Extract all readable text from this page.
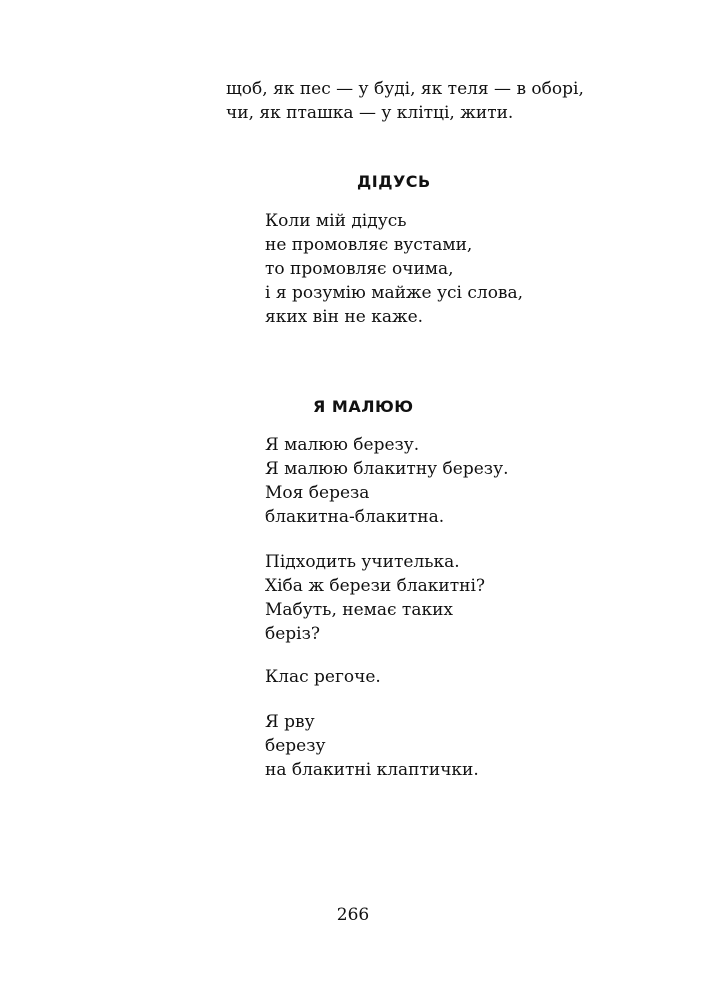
щоб, як пес — у буді, як теля — в оборі,
чи, як пташка — у клітці, жити.
ДІДУСЬ
Коли мій дідусь
не промовляє вустами,
то промовляє очима,
і я розумію майже усі слова,
яких він не каже.
Я МАЛЮЮ
Я малюю березу.
Я малюю блакитну березу.
Моя береза
блакитна-блакитна.
Підходить учителька.
Хіба ж берези блакитні?
Мабуть, немає таких
беріз?
Клас регоче.
Я рву
березу
на блакитні клаптички.
266
